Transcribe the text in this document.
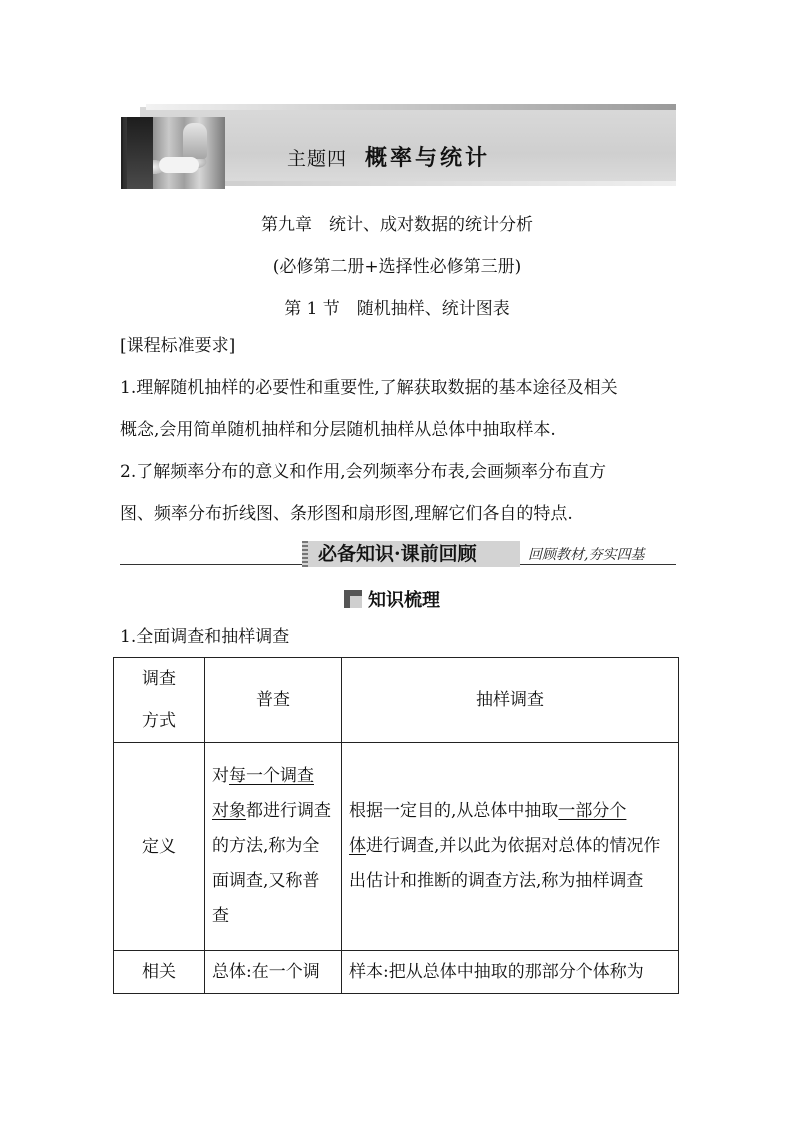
主题四 概率与统计
第九章　统计、成对数据的统计分析
(必修第二册+选择性必修第三册)
第 1 节　随机抽样、统计图表
[课程标准要求]
1.理解随机抽样的必要性和重要性,了解获取数据的基本途径及相关
概念,会用简单随机抽样和分层随机抽样从总体中抽取样本.
2.了解频率分布的意义和作用,会列频率分布表,会画频率分布直方
图、频率分布折线图、条形图和扇形图,理解它们各自的特点.
必备知识·课前回顾	回顾教材,夯实四基
知识梳理
1.全面调查和抽样调查
调查
方式	普查	抽样调查
定义	对每一个调查
对象都进行调查的方法,称为全面调查,又称普查	根据一定目的,从总体中抽取一部分个
体进行调查,并以此为依据对总体的情况作出估计和推断的调查方法,称为抽样调查
相关	总体:在一个调	样本:把从总体中抽取的那部分个体称为
